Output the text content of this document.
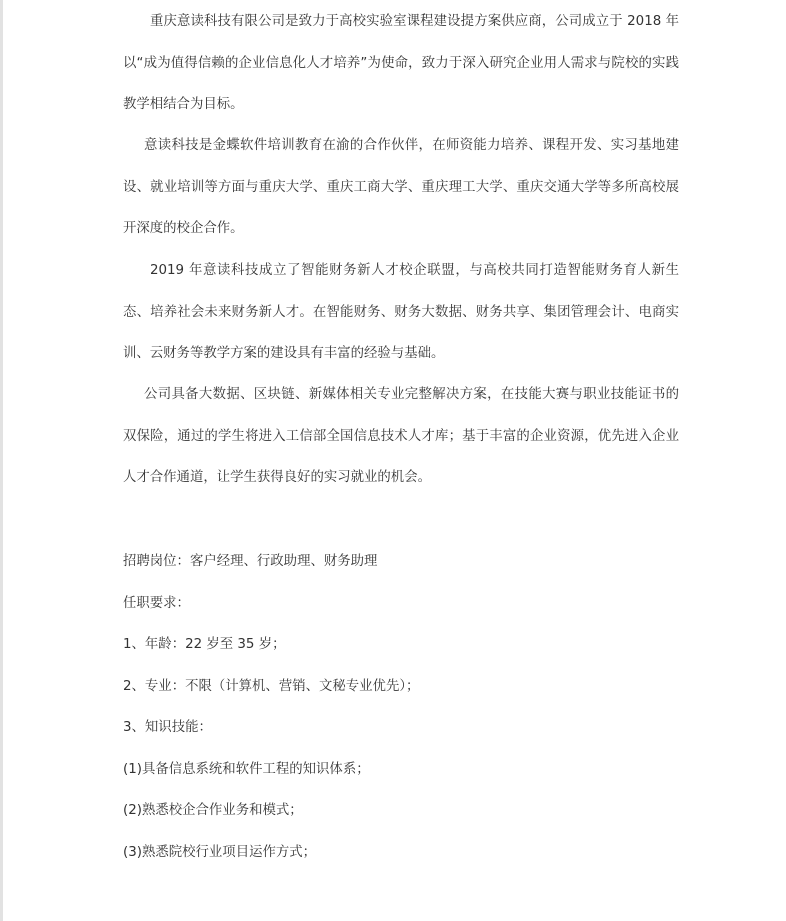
重庆意读科技有限公司是致力于高校实验室课程建设提方案供应商，公司成立于 2018 年以“成为值得信赖的企业信息化人才培养”为使命，致力于深入研究企业用人需求与院校的实践教学相结合为目标。

意读科技是金蝶软件培训教育在渝的合作伙伴，在师资能力培养、课程开发、实习基地建设、就业培训等方面与重庆大学、重庆工商大学、重庆理工大学、重庆交通大学等多所高校展开深度的校企合作。

2019 年意读科技成立了智能财务新人才校企联盟，与高校共同打造智能财务育人新生态、培养社会未来财务新人才。在智能财务、财务大数据、财务共享、集团管理会计、电商实训、云财务等教学方案的建设具有丰富的经验与基础。

公司具备大数据、区块链、新媒体相关专业完整解决方案，在技能大赛与职业技能证书的双保险，通过的学生将进入工信部全国信息技术人才库；基于丰富的企业资源，优先进入企业人才合作通道，让学生获得良好的实习就业的机会。

招聘岗位：客户经理、行政助理、财务助理

任职要求：

1、年龄：22 岁至 35 岁；

2、专业：不限（计算机、营销、文秘专业优先）；

3、知识技能：

(1)具备信息系统和软件工程的知识体系；

(2)熟悉校企合作业务和模式；

(3)熟悉院校行业项目运作方式；
